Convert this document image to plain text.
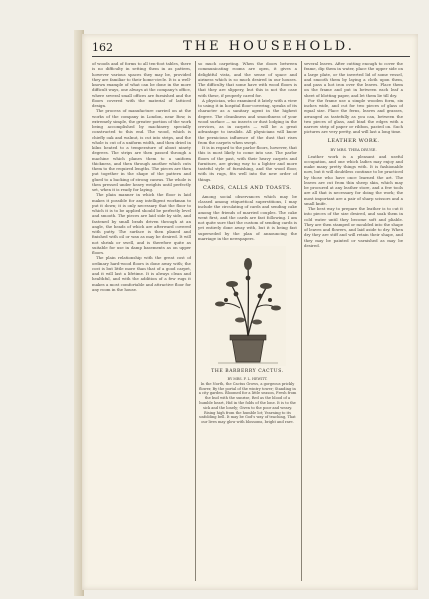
162	THE HOUSEHOLD.

of woods and of forms to all ten-foot tables, there is no difficulty in setting them in as pattern, however various spaces they may be, provided they are familiar to their home-circle. It is a well-known example of what can be done in the more difficult ways, one always at the company's office, where several small offices are furnished and the floors covered with the material of latticed design.

The process of manufacture carried on at the works of the company in London, near Bow, is extremely simple, the greater portion of the work being accomplished by machinery specially constructed to this end. The wood, which is chiefly oak and walnut, is cut into strips, and the whole is cut of a uniform width, and then dried in kilns heated to a temperature of about ninety degrees. The strips are then passed through a machine which planes them to a uniform thickness, and then through another which cuts them to the required lengths. The pieces are then put together in the shape of the pattern and glued to a backing of strong canvas. The whole is then pressed under heavy weights until perfectly set, when it is ready for laying.

The plain manner in which the floor is laid makes it possible for any intelligent workman to put it down; it is only necessary that the floor to which it is to be applied should be perfectly level and smooth. The pieces are laid side by side, and fastened by small brads driven through at an angle, the heads of which are afterward covered with putty. The surface is then planed and finished with oil or wax as may be desired. It will not shrink or swell, and is therefore quite as suitable for use in damp basements as on upper floors.

The plain relationship with the great cost of ordinary hard-wood floors is done away with; the cost is but little more than that of a good carpet, and it will last a lifetime. It is always clean and healthful, and with the addition of a few rugs it makes a most comfortable and attractive floor for any room in the house.

so much carpeting. When the doors between communicating rooms are open, it gives a delightful vista, and the sense of space and airiness which is so much desired in our houses. The difficulty that some have with wood floors is that they are slippery, but this is not the case with these, if properly cared for.

A physician, who examined it lately with a view to using it in hospital floor-covering, speaks of its character as a sanitary agent in the highest degree. The cleanliness and smoothness of your wood surface — no insects or dust lodging in the crevices, as in carpets — will be a great advantage to invalids. All physicians will know the pernicious influence of the dust that rises from the carpets when swept.

It is in regard to the parlor floors, however, that this is most likely to come into use. The parlor floors of the past, with their heavy carpets and furniture, are giving way to a lighter and more tasteful style of furnishing, and the wood floor, with its rugs, fits well into the new order of things.

CARDS, CALLS AND TOASTS.

Among social observances which may be classed among etiquettical superstitions, I may include the circulating of cards and sending cake among the friends of married couples. The cake went first, and the cards are fast following. I am not quite sure that the custom of sending cards is yet entirely done away with, but it is being fast superseded by the plan of announcing the marriage in the newspapers.

THE BARBERRY CACTUS.

BY MRS. F. L. HEWITT.

In the North, the Cactus Grows, a gorgeous prickly flower, By the portal of the wintry tower; Standing in a city garden. Bloomed for a little season, Fresh from the bud with the sunrise, Red as the blood of a humble heart, Hid in the folds of the lone. It is to the sick and the lonely; Given to the poor and weary. Rising high from the humble lot; Yearning to its unfolding bell. It may be God's way of teaching, That our lives may glow with blossoms, bright and rare.

several leaves. After cutting enough to cover the frame, dip them in water, place the upper side on a large plate, or the inverted lid of some vessel, and smooth them by laying a cloth upon them, and pass a hot iron over the leaves. Place them on the frame and put in between each leaf a sheet of blotting paper, and let them lie till dry.

For the frame use a simple wooden form, six inches wide, and cut for two pieces of glass of equal size. Place the ferns, leaves and grasses, arranged as tastefully as you can, between the two pieces of glass, and bind the edges with a narrow strip of paper or ribbon, pasted on. Such pictures are very pretty, and will last a long time.

LEATHER WORK.
BY MRS. THEA DRUSE.

Leather work is a pleasant and useful occupation, and one which ladies may enjoy and make many pretty things with. It is fashionable now, but it will doubtless continue to be practiced by those who have once learned the art. The leaves are cut from thin sheep skin, which may be procured at any leather store, and a few tools are all that is necessary for doing the work; the most important are a pair of sharp scissors and a small knife.

The best way to prepare the leather is to cut it into pieces of the size desired, and soak them in cold water until they become soft and pliable. They are then stamped or moulded into the shape of leaves and flowers, and laid aside to dry. When dry they are stiff and will retain their shape, and they may be painted or varnished as may be desired.
